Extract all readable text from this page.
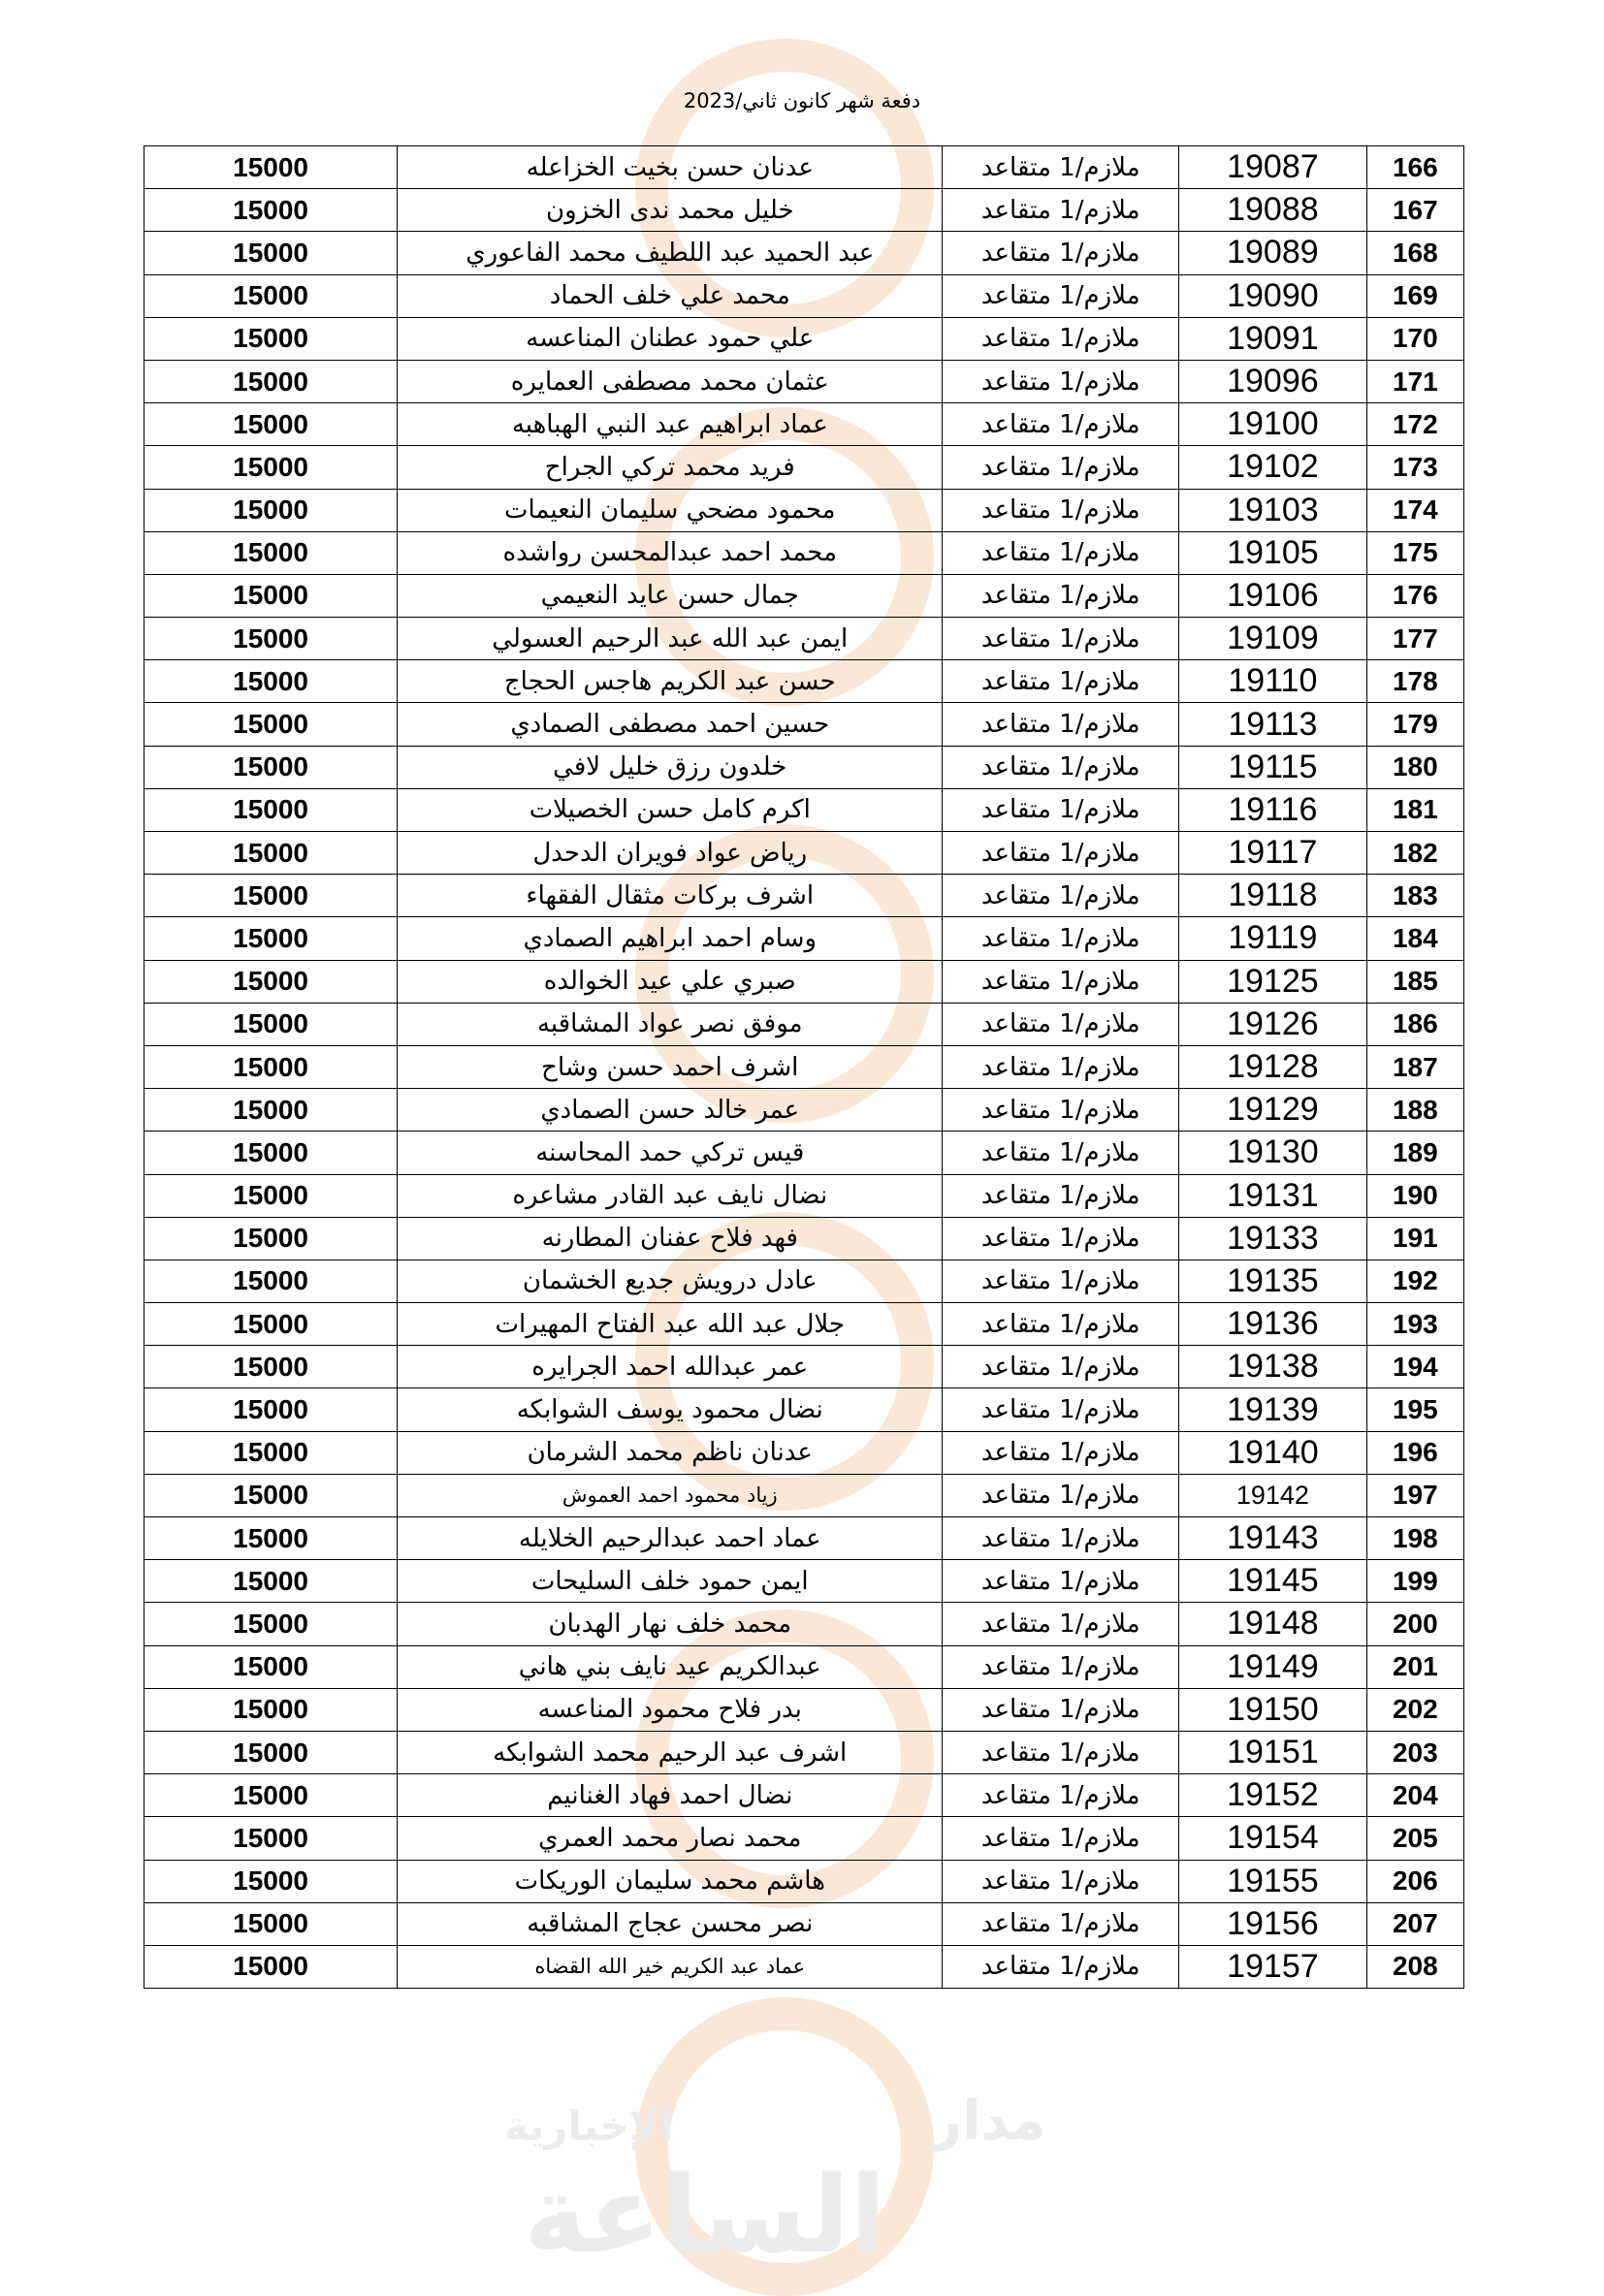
مدار
الإخبارية
الساعة
دفعة شهر كانون ثاني/2023
166	19087	ملازم/1 متقاعد	عدنان حسن بخيت الخزاعله	15000
167	19088	ملازم/1 متقاعد	خليل محمد ندى الخزون	15000
168	19089	ملازم/1 متقاعد	عبد الحميد عبد اللطيف محمد الفاعوري	15000
169	19090	ملازم/1 متقاعد	محمد علي خلف الحماد	15000
170	19091	ملازم/1 متقاعد	علي حمود عطنان المناعسه	15000
171	19096	ملازم/1 متقاعد	عثمان محمد مصطفى العمايره	15000
172	19100	ملازم/1 متقاعد	عماد ابراهيم عبد النبي الهباهبه	15000
173	19102	ملازم/1 متقاعد	فريد محمد تركي الجراح	15000
174	19103	ملازم/1 متقاعد	محمود مضحي سليمان النعيمات	15000
175	19105	ملازم/1 متقاعد	محمد احمد عبدالمحسن رواشده	15000
176	19106	ملازم/1 متقاعد	جمال حسن عايد النعيمي	15000
177	19109	ملازم/1 متقاعد	ايمن عبد الله عبد الرحيم العسولي	15000
178	19110	ملازم/1 متقاعد	حسن عبد الكريم هاجس الحجاج	15000
179	19113	ملازم/1 متقاعد	حسين احمد مصطفى الصمادي	15000
180	19115	ملازم/1 متقاعد	خلدون رزق خليل لافي	15000
181	19116	ملازم/1 متقاعد	اكرم كامل حسن الخصيلات	15000
182	19117	ملازم/1 متقاعد	رياض عواد فويران الدحدل	15000
183	19118	ملازم/1 متقاعد	اشرف بركات مثقال الفقهاء	15000
184	19119	ملازم/1 متقاعد	وسام احمد ابراهيم الصمادي	15000
185	19125	ملازم/1 متقاعد	صبري علي عيد الخوالده	15000
186	19126	ملازم/1 متقاعد	موفق نصر عواد المشاقبه	15000
187	19128	ملازم/1 متقاعد	اشرف احمد حسن وشاح	15000
188	19129	ملازم/1 متقاعد	عمر خالد حسن الصمادي	15000
189	19130	ملازم/1 متقاعد	قيس تركي حمد المحاسنه	15000
190	19131	ملازم/1 متقاعد	نضال نايف عبد القادر مشاعره	15000
191	19133	ملازم/1 متقاعد	فهد فلاح عفنان المطارنه	15000
192	19135	ملازم/1 متقاعد	عادل درويش جديع الخشمان	15000
193	19136	ملازم/1 متقاعد	جلال عبد الله عبد الفتاح المهيرات	15000
194	19138	ملازم/1 متقاعد	عمر عبدالله احمد الجرايره	15000
195	19139	ملازم/1 متقاعد	نضال محمود يوسف الشوابكه	15000
196	19140	ملازم/1 متقاعد	عدنان ناظم محمد الشرمان	15000
197	19142	ملازم/1 متقاعد	زياد محمود احمد العموش	15000
198	19143	ملازم/1 متقاعد	عماد احمد عبدالرحيم الخلايله	15000
199	19145	ملازم/1 متقاعد	ايمن حمود خلف السليحات	15000
200	19148	ملازم/1 متقاعد	محمد خلف نهار الهدبان	15000
201	19149	ملازم/1 متقاعد	عبدالكريم عيد نايف بني هاني	15000
202	19150	ملازم/1 متقاعد	بدر فلاح محمود المناعسه	15000
203	19151	ملازم/1 متقاعد	اشرف عبد الرحيم محمد الشوابكه	15000
204	19152	ملازم/1 متقاعد	نضال احمد فهاد الغنانيم	15000
205	19154	ملازم/1 متقاعد	محمد نصار محمد العمري	15000
206	19155	ملازم/1 متقاعد	هاشم محمد سليمان الوريكات	15000
207	19156	ملازم/1 متقاعد	نصر محسن عجاج المشاقبه	15000
208	19157	ملازم/1 متقاعد	عماد عبد الكريم خير الله القضاه	15000
